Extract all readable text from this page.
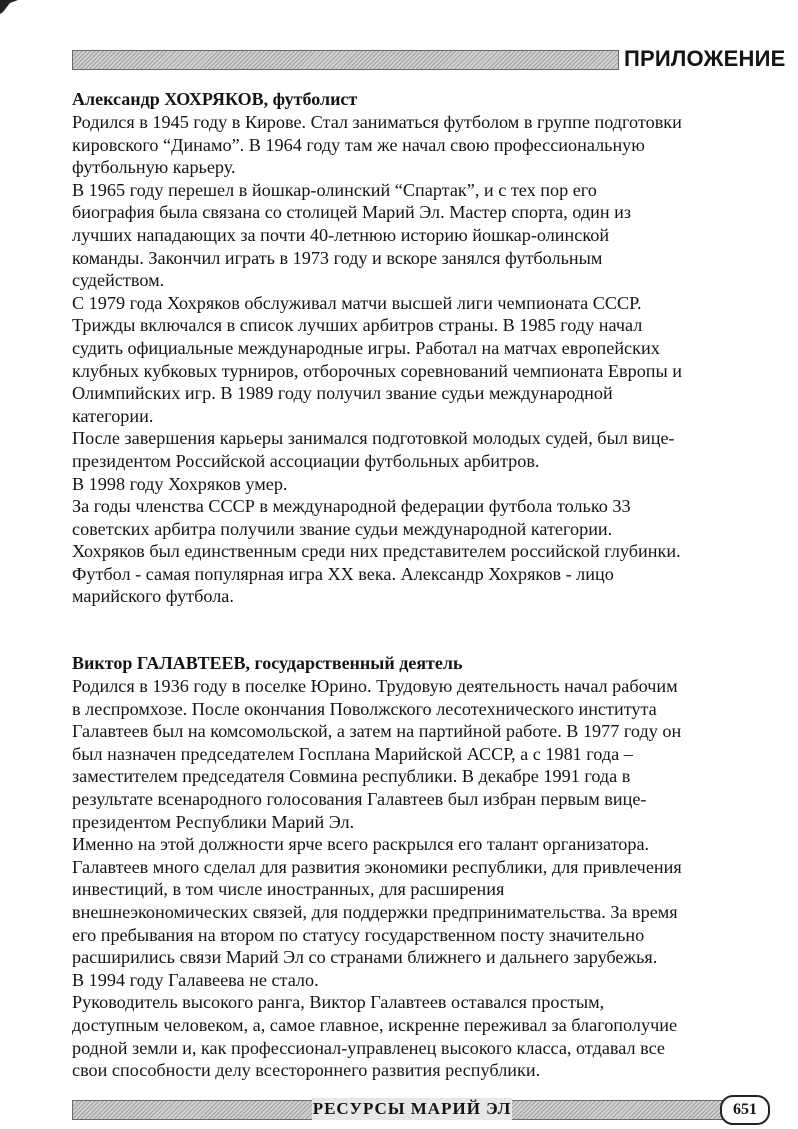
ПРИЛОЖЕНИЕ

Александр ХОХРЯКОВ, футболист

Родился в 1945 году в Кирове. Стал заниматься футболом в группе подготовки
кировского “Динамо”. В 1964 году там же начал свою профессиональную
футбольную карьеру.

В 1965 году перешел в йошкар-олинский “Спартак”, и с тех пор его
биография была связана со столицей Марий Эл. Мастер спорта, один из
лучших нападающих за почти 40-летнюю историю йошкар-олинской
команды. Закончил играть в 1973 году и вскоре занялся футбольным
судейством.

С 1979 года Хохряков обслуживал матчи высшей лиги чемпионата СССР.
Трижды включался в список лучших арбитров страны. В 1985 году начал
судить официальные международные игры. Работал на матчах европейских
клубных кубковых турниров, отборочных соревнований чемпионата Европы и
Олимпийских игр. В 1989 году получил звание судьи международной
категории.

После завершения карьеры занимался подготовкой молодых судей, был вице-
президентом Российской ассоциации футбольных арбитров.

В 1998 году Хохряков умер.

За годы членства СССР в международной федерации футбола только 33
советских арбитра получили звание судьи международной категории.
Хохряков был единственным среди них представителем российской глубинки.
Футбол - самая популярная игра XX века. Александр Хохряков - лицо
марийского футбола.

Виктор ГАЛАВТЕЕВ, государственный деятель

Родился в 1936 году в поселке Юрино. Трудовую деятельность начал рабочим
в леспромхозе. После окончания Поволжского лесотехнического института
Галавтеев был на комсомольской, а затем на партийной работе. В 1977 году он
был назначен председателем Госплана Марийской АССР, а с 1981 года –
заместителем председателя Совмина республики. В декабре 1991 года в
результате всенародного голосования Галавтеев был избран первым вице-
президентом Республики Марий Эл.

Именно на этой должности ярче всего раскрылся его талант организатора.
Галавтеев много сделал для развития экономики республики, для привлечения
инвестиций, в том числе иностранных, для расширения
внешнеэкономических связей, для поддержки предпринимательства. За время
его пребывания на втором по статусу государственном посту значительно
расширились связи Марий Эл со странами ближнего и дальнего зарубежья.

В 1994 году Галавеева не стало.

Руководитель высокого ранга, Виктор Галавтеев оставался простым,
доступным человеком, а, самое главное, искренне переживал за благополучие
родной земли и, как профессионал-управленец высокого класса, отдавал все
свои способности делу всестороннего развития республики.

РЕСУРСЫ МАРИЙ ЭЛ	651
